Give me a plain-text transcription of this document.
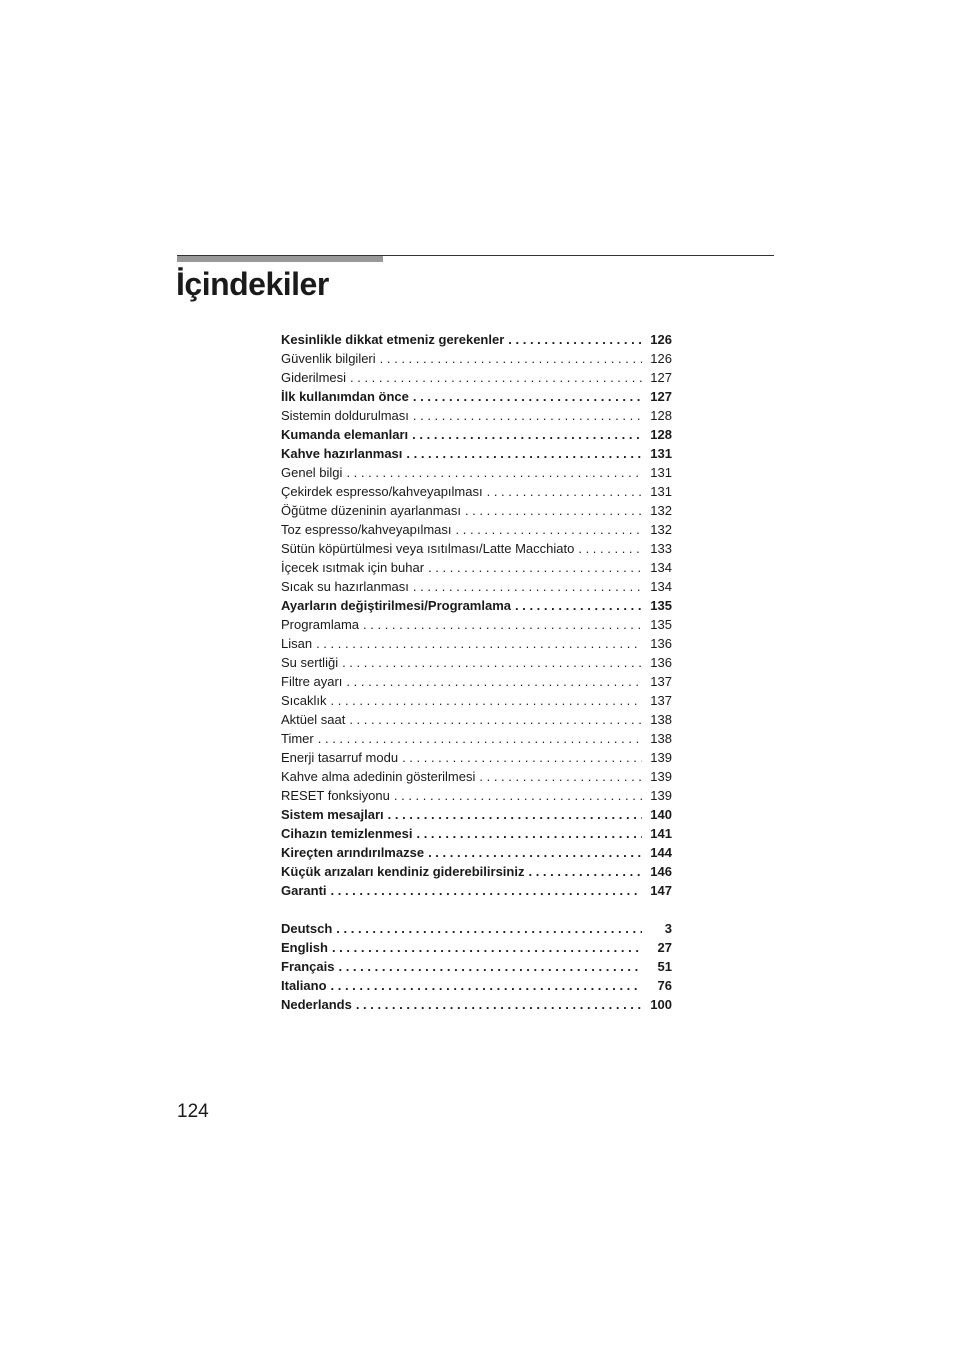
İçindekiler
Kesinlikle dikkat etmeniz gerekenler . . .	126
Güvenlik bilgileri . . .	126
Giderilmesi . . .	127
İlk kullanımdan önce . . .	127
Sistemin doldurulması . . .	128
Kumanda elemanları . . .	128
Kahve hazırlanması . . .	131
Genel bilgi . . .	131
Çekirdek espresso/kahveyapılması . . .	131
Öğütme düzeninin ayarlanması . . .	132
Toz espresso/kahveyapılması . . .	132
Sütün köpürtülmesi veya ısıtılması/Latte Macchiato . . .	133
İçecek ısıtmak için buhar . . .	134
Sıcak su hazırlanması . . .	134
Ayarların değiştirilmesi/Programlama . . .	135
Programlama . . .	135
Lisan . . .	136
Su sertliği . . .	136
Filtre ayarı . . .	137
Sıcaklık . . .	137
Aktüel saat . . .	138
Timer . . .	138
Enerji tasarruf modu . . .	139
Kahve alma adedinin gösterilmesi . . .	139
RESET fonksiyonu . . .	139
Sistem mesajları . . .	140
Cihazın temizlenmesi . . .	141
Kireçten arındırılmazse . . .	144
Küçük arızaları kendiniz giderebilirsiniz . . .	146
Garanti . . .	147
Deutsch . . .	3
English . . .	27
Français . . .	51
Italiano . . .	76
Nederlands . . .	100
124
